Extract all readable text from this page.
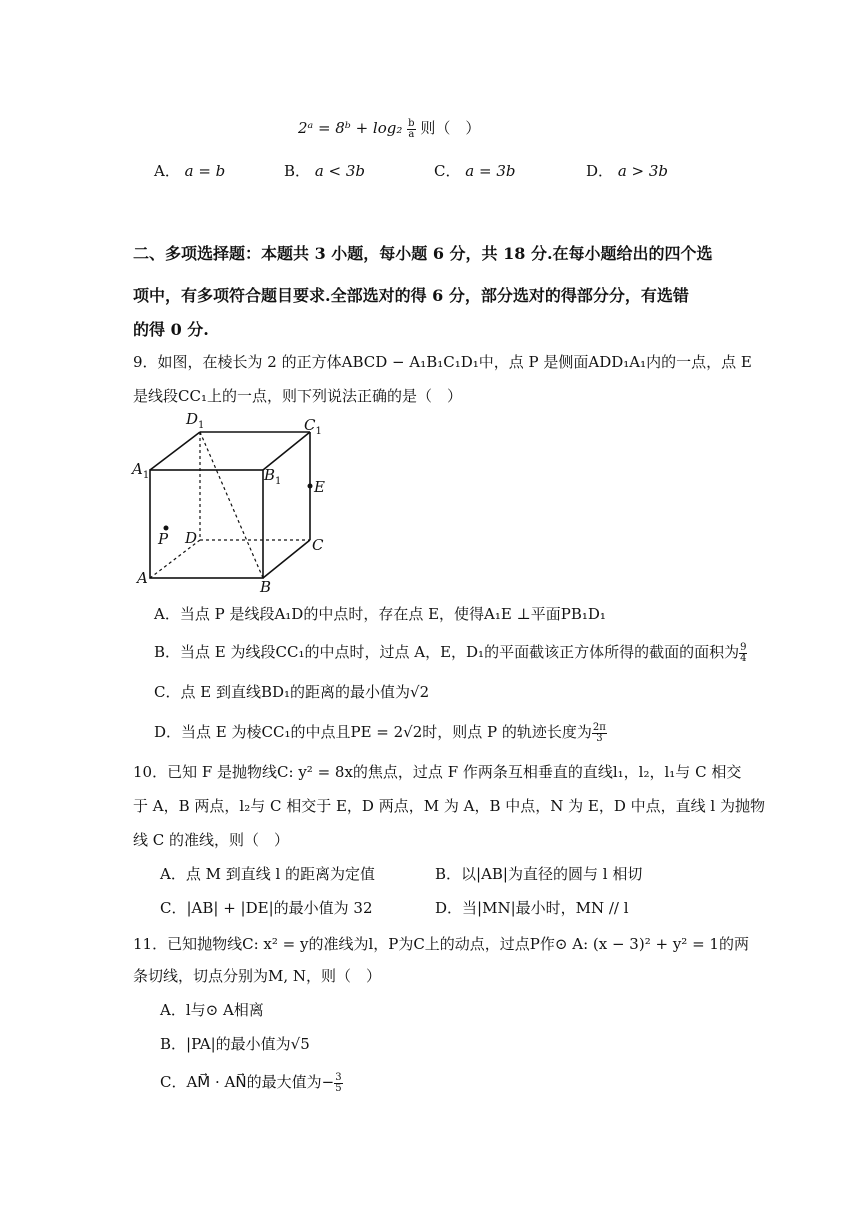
2ᵃ = 8ᵇ + $\log_2 \frac{b}{a}$ 则（　）
A． a = b	B． a < 3b	C． a = 3b	D． a > 3b
二、多项选择题：本题共 3 小题，每小题 6 分，共 18 分.在每小题给出的四个选
项中，有多项符合题目要求.全部选对的得 6 分，部分选对的得部分分，有选错
的得 0 分.
9．如图，在棱长为 2 的正方体ABCD − A₁B₁C₁D₁中，点 P 是侧面ADD₁A₁内的一点，点 E
是线段CC₁上的一点，则下列说法正确的是（　）
$D_1$	$C_1$
$A_1$	$B_1$ E
P D	C
A	B
A．当点 P 是线段A₁D的中点时，存在点 E，使得A₁E ⊥平面PB₁D₁
B．当点 E 为线段CC₁的中点时，过点 A，E，D₁的平面截该正方体所得的截面的面积为 $\frac{9}{4}$
C．点 E 到直线BD₁的距离的最小值为√2
D．当点 E 为棱CC₁的中点且PE = 2√2时，则点 P 的轨迹长度为 $\frac{2\pi}{3}$
10．已知 F 是抛物线C: y² = 8x的焦点，过点 F 作两条互相垂直的直线l₁，l₂，l₁与 C 相交
于 A，B 两点，l₂与 C 相交于 E，D 两点，M 为 A，B 中点，N 为 E，D 中点，直线 l 为抛物
线 C 的准线，则（　）
A．点 M 到直线 l 的距离为定值	B．以|AB|为直径的圆与 l 相切
C．|AB| + |DE|的最小值为 32	D．当|MN|最小时，MN // l
11．已知抛物线C: x² = y的准线为l，P为C上的动点，过点P作⊙ A: (x − 3)² + y² = 1的两
条切线，切点分别为M, N，则（　）
A．l与⊙ A相离
B．|PA|的最小值为√5
C．AM⃗ · AN⃗的最大值为− $\frac{3}{5}$
